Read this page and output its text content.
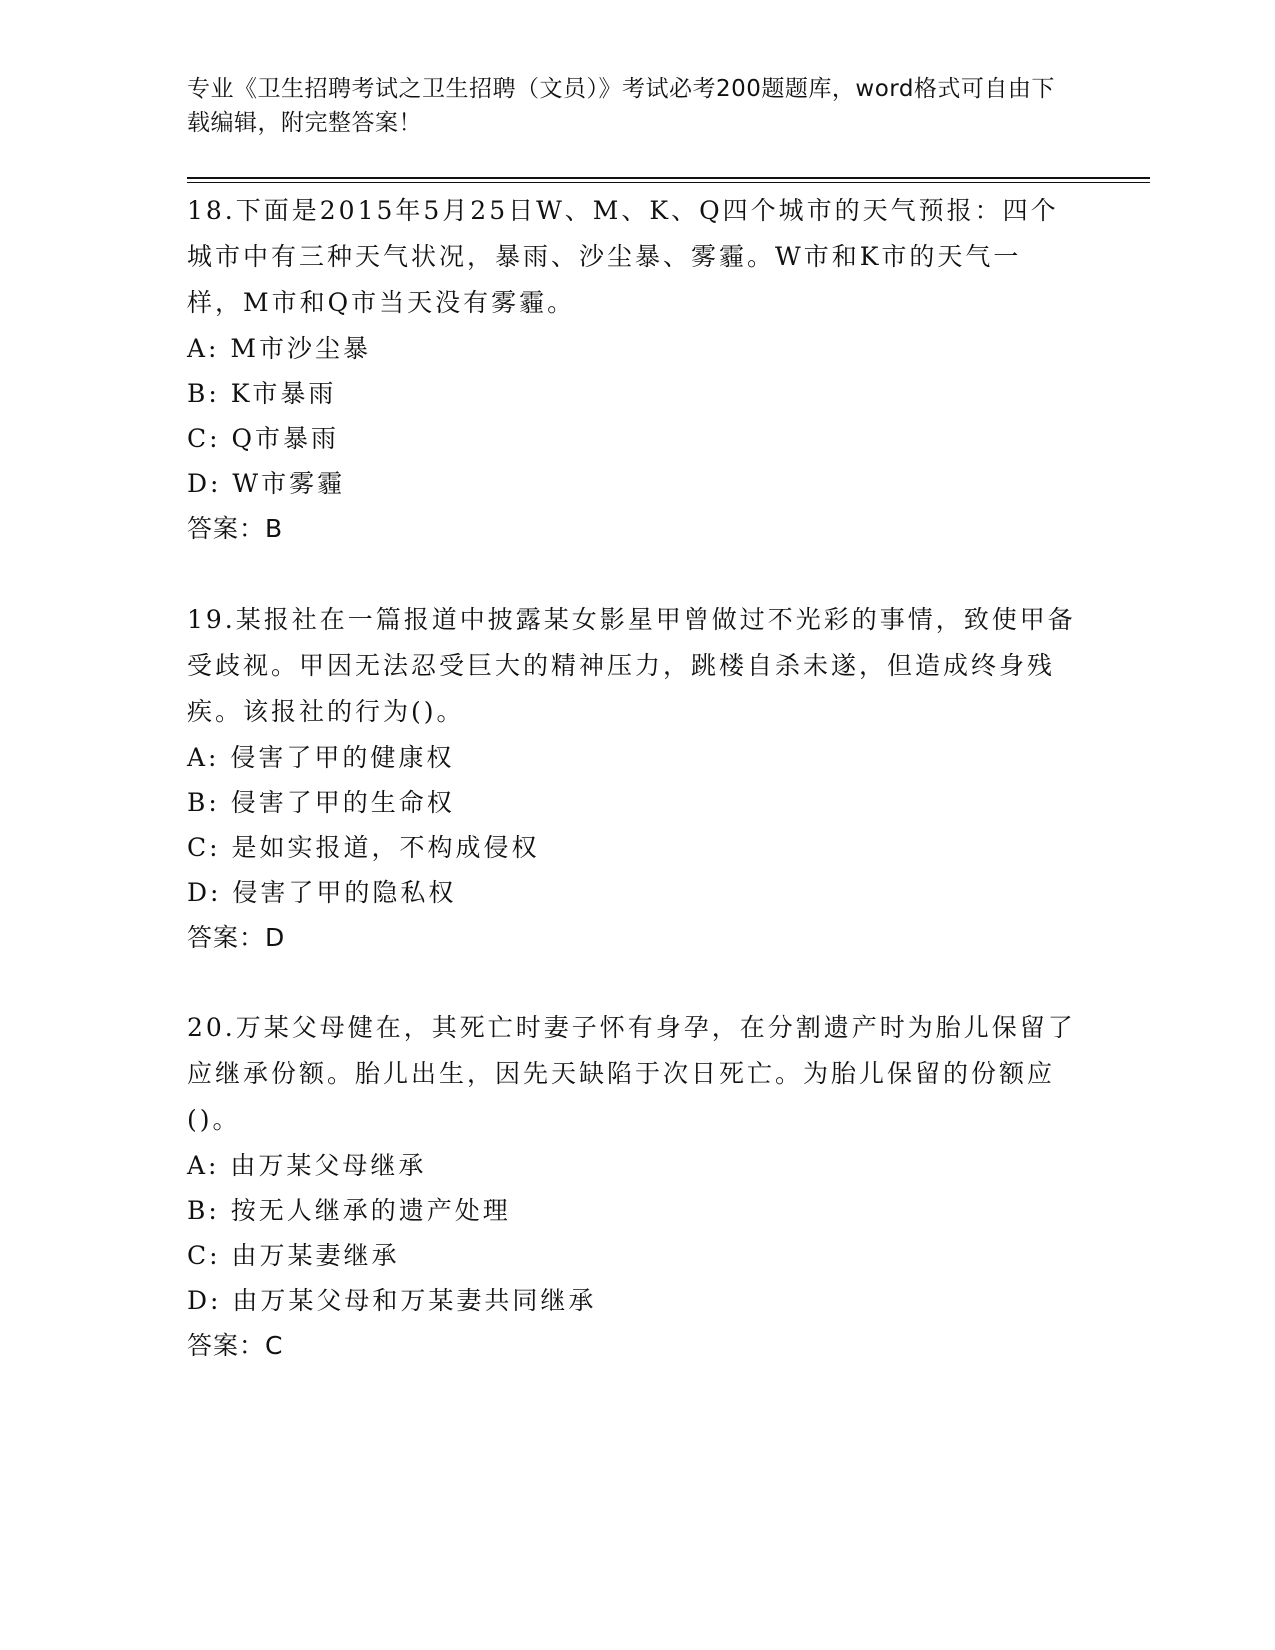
专业《卫生招聘考试之卫生招聘（文员）》考试必考200题题库，word格式可自由下载编辑，附完整答案！

18.下面是2015年5月25日W、M、K、Q四个城市的天气预报：四个城市中有三种天气状况，暴雨、沙尘暴、雾霾。W市和K市的天气一样，M市和Q市当天没有雾霾。

A: M市沙尘暴

B: K市暴雨

C: Q市暴雨

D: W市雾霾

答案：B

19.某报社在一篇报道中披露某女影星甲曾做过不光彩的事情，致使甲备受歧视。甲因无法忍受巨大的精神压力，跳楼自杀未遂，但造成终身残疾。该报社的行为()。

A: 侵害了甲的健康权

B: 侵害了甲的生命权

C: 是如实报道，不构成侵权

D: 侵害了甲的隐私权

答案：D

20.万某父母健在，其死亡时妻子怀有身孕，在分割遗产时为胎儿保留了应继承份额。胎儿出生，因先天缺陷于次日死亡。为胎儿保留的份额应()。

A: 由万某父母继承

B: 按无人继承的遗产处理

C: 由万某妻继承

D: 由万某父母和万某妻共同继承

答案：C
